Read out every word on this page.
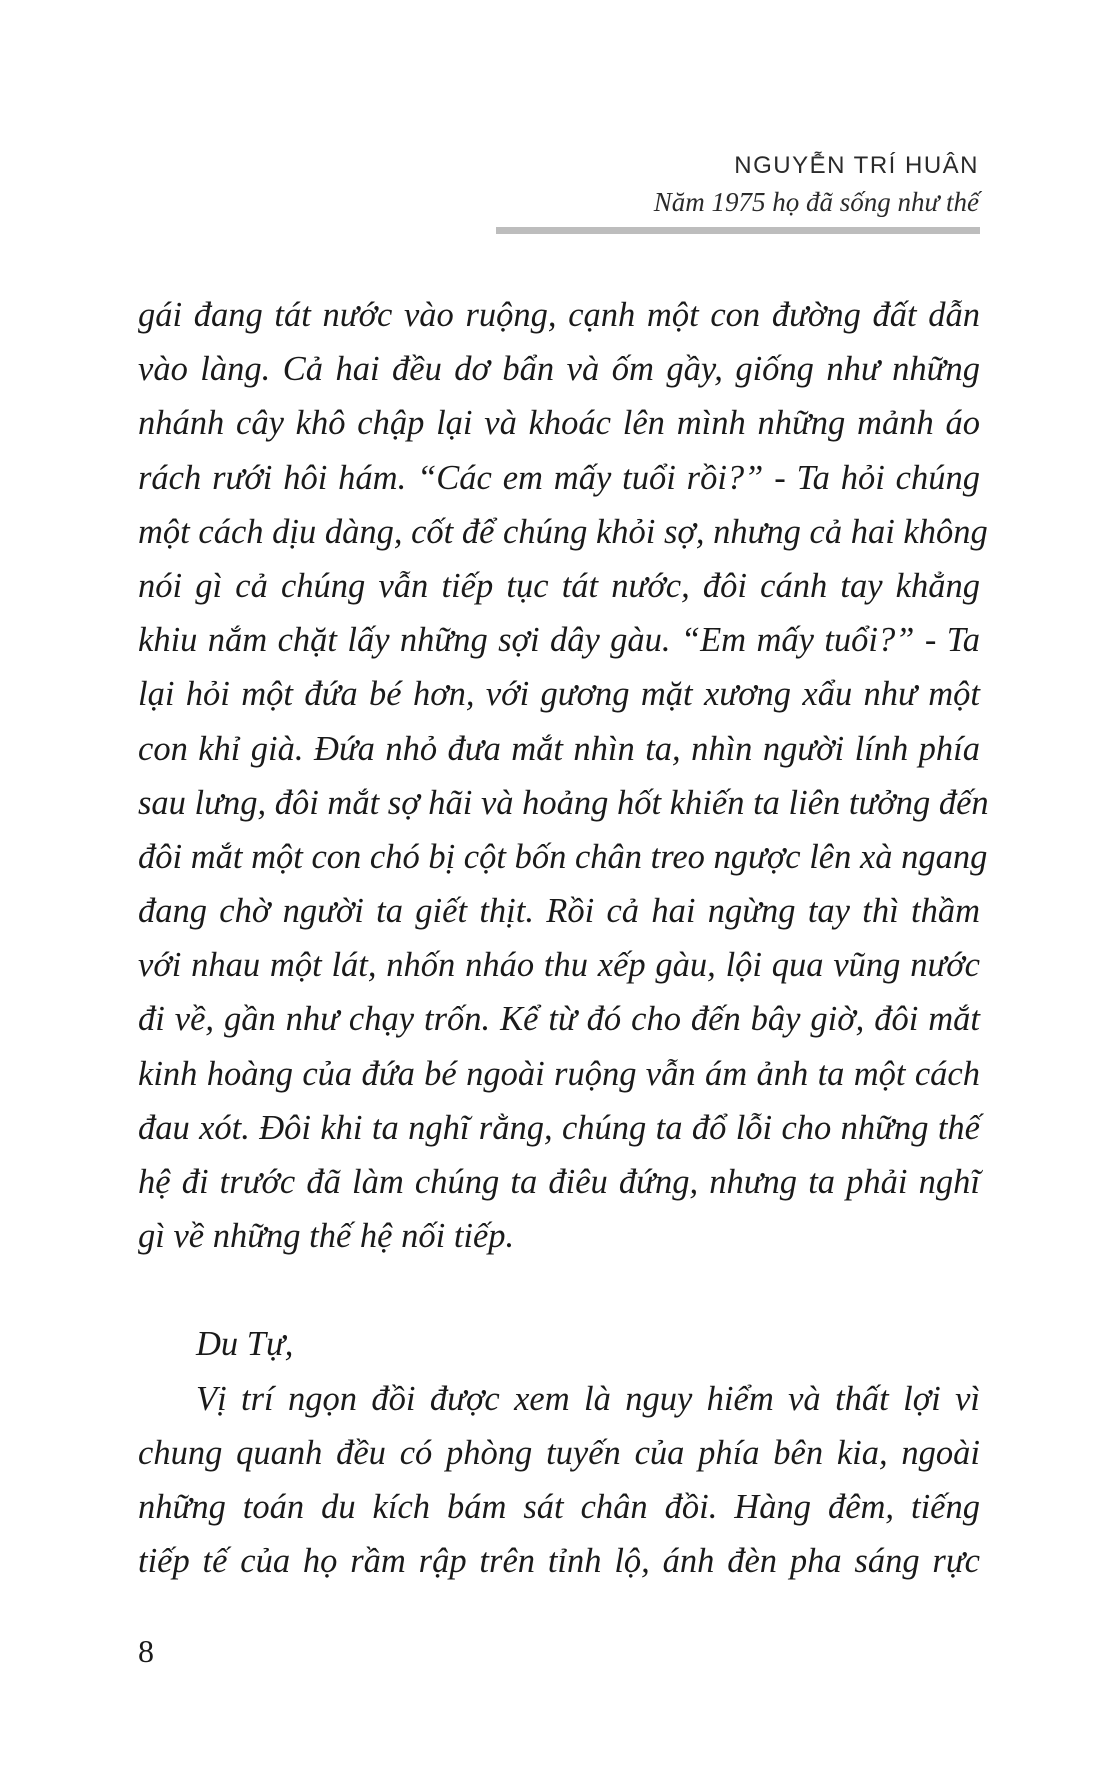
NGUYỄN TRÍ HUÂN
Năm 1975 họ đã sống như thế
gái đang tát nước vào ruộng, cạnh một con đường đất dẫn
vào làng. Cả hai đều dơ bẩn và ốm gầy, giống như những
nhánh cây khô chập lại và khoác lên mình những mảnh áo
rách rưới hôi hám. “Các em mấy tuổi rồi?” - Ta hỏi chúng
một cách dịu dàng, cốt để chúng khỏi sợ, nhưng cả hai không
nói gì cả chúng vẫn tiếp tục tát nước, đôi cánh tay khẳng
khiu nắm chặt lấy những sợi dây gàu. “Em mấy tuổi?” - Ta
lại hỏi một đứa bé hơn, với gương mặt xương xẩu như một
con khỉ già. Đứa nhỏ đưa mắt nhìn ta, nhìn người lính phía
sau lưng, đôi mắt sợ hãi và hoảng hốt khiến ta liên tưởng đến
đôi mắt một con chó bị cột bốn chân treo ngược lên xà ngang
đang chờ người ta giết thịt. Rồi cả hai ngừng tay thì thầm
với nhau một lát, nhốn nháo thu xếp gàu, lội qua vũng nước
đi về, gần như chạy trốn. Kể từ đó cho đến bây giờ, đôi mắt
kinh hoàng của đứa bé ngoài ruộng vẫn ám ảnh ta một cách
đau xót. Đôi khi ta nghĩ rằng, chúng ta đổ lỗi cho những thế
hệ đi trước đã làm chúng ta điêu đứng, nhưng ta phải nghĩ
gì về những thế hệ nối tiếp.
Du Tự,
Vị trí ngọn đồi được xem là nguy hiểm và thất lợi vì
chung quanh đều có phòng tuyến của phía bên kia, ngoài
những toán du kích bám sát chân đồi. Hàng đêm, tiếng
tiếp tế của họ rầm rập trên tỉnh lộ, ánh đèn pha sáng rực
8
